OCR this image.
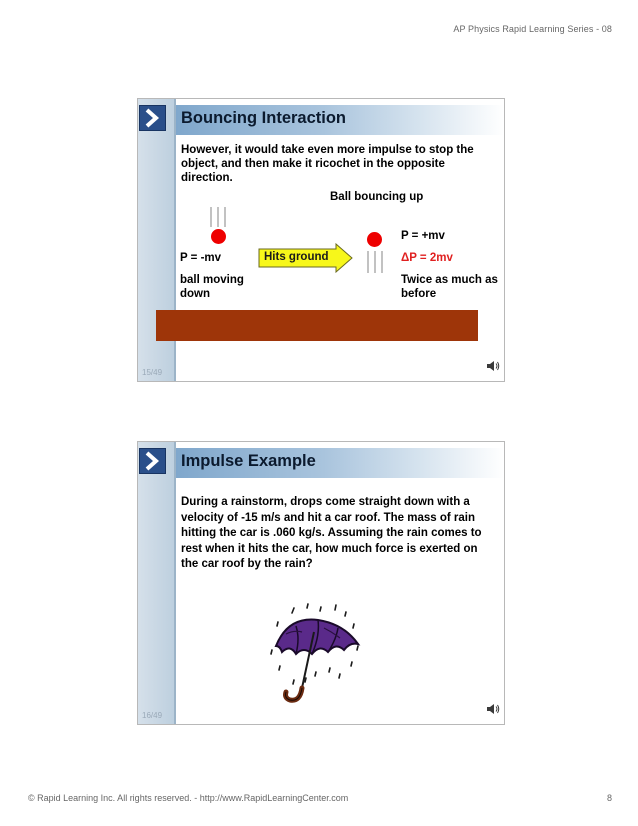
AP Physics Rapid Learning Series - 08
Bouncing Interaction
However, it would take even more impulse to stop the object, and then make it ricochet in the opposite direction.
Ball bouncing up
P = -mv
ball moving down
Hits ground
P = +mv
ΔP = 2mv
Twice as much as before
15/49
Impulse Example
During a rainstorm, drops come straight down with a velocity of -15 m/s and hit a car roof. The mass of rain hitting the car is .060 kg/s. Assuming the rain comes to rest when it hits the car, how much force is exerted on the car roof by the rain?
16/49
© Rapid Learning Inc. All rights reserved. - http://www.RapidLearningCenter.com	8
